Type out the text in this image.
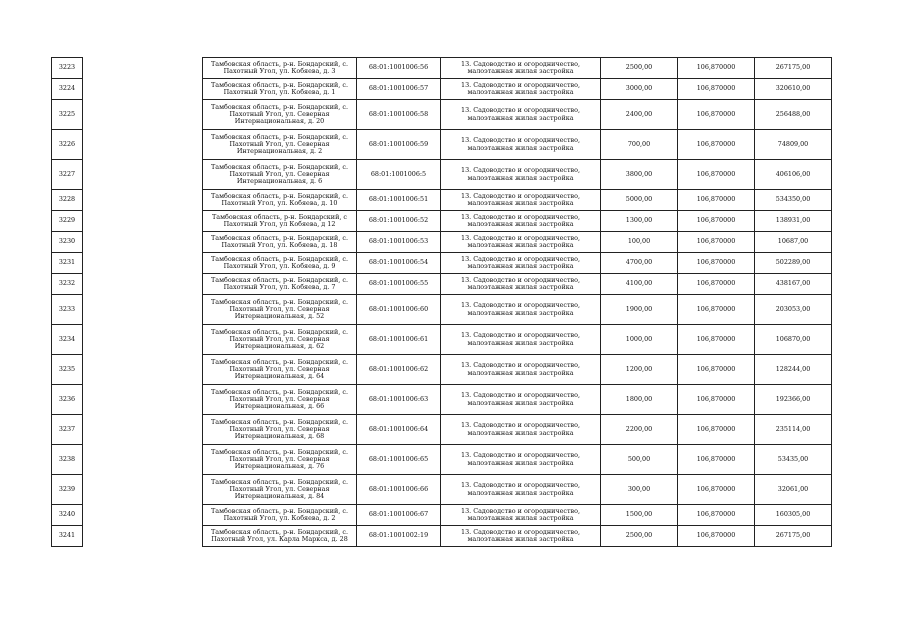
3223		Тамбовская область, р-н. Бондарский, с. Пахотный Угол, ул. Кобяева, д. 3	68:01:1001006:56	13. Садоводство и огородничество, малоэтажная жилая застройка	2500,00	106,870000	267175,00
3224		Тамбовская область, р-н. Бондарский, с. Пахотный Угол, ул. Кобяева, д. 1	68:01:1001006:57	13. Садоводство и огородничество, малоэтажная жилая застройка	3000,00	106,870000	320610,00
3225		Тамбовская область, р-н. Бондарский, с. Пахотный Угол, ул. Северная Интернациональная, д. 20	68:01:1001006:58	13. Садоводство и огородничество, малоэтажная жилая застройка	2400,00	106,870000	256488,00
3226		Тамбовская область, р-н. Бондарский, с. Пахотный Угол, ул. Северная Интернациональная, д. 2	68:01:1001006:59	13. Садоводство и огородничество, малоэтажная жилая застройка	700,00	106,870000	74809,00
3227		Тамбовская область, р-н. Бондарский, с. Пахотный Угол, ул. Северная Интернациональная, д. 6	68:01:1001006:5	13. Садоводство и огородничество, малоэтажная жилая застройка	3800,00	106,870000	406106,00
3228		Тамбовская область, р-н. Бондарский, с. Пахотный Угол, ул. Кобяева, д. 10	68:01:1001006:51	13. Садоводство и огородничество, малоэтажная жилая застройка	5000,00	106,870000	534350,00
3229		Тамбовская область, р-н. Бондарский, с Пахотный Угол, ул Кобяева, д 12	68:01:1001006:52	13. Садоводство и огородничество, малоэтажная жилая застройка	1300,00	106,870000	138931,00
3230		Тамбовская область, р-н. Бондарский, с. Пахотный Угол, ул. Кобяева, д. 18	68:01:1001006:53	13. Садоводство и огородничество, малоэтажная жилая застройка	100,00	106,870000	10687,00
3231		Тамбовская область, р-н. Бондарский, с. Пахотный Угол, ул. Кобяева, д. 9	68:01:1001006:54	13. Садоводство и огородничество, малоэтажная жилая застройка	4700,00	106,870000	502289,00
3232		Тамбовская область, р-н. Бондарский, с. Пахотный Угол, ул. Кобяева, д. 7	68:01:1001006:55	13. Садоводство и огородничество, малоэтажная жилая застройка	4100,00	106,870000	438167,00
3233		Тамбовская область, р-н. Бондарский, с. Пахотный Угол, ул. Северная Интернациональная, д. 52	68:01:1001006:60	13. Садоводство и огородничество, малоэтажная жилая застройка	1900,00	106,870000	203053,00
3234		Тамбовская область, р-н. Бондарский, с. Пахотный Угол, ул. Северная Интернациональная, д. 62	68:01:1001006:61	13. Садоводство и огородничество, малоэтажная жилая застройка	1000,00	106,870000	106870,00
3235		Тамбовская область, р-н. Бондарский, с. Пахотный Угол, ул. Северная Интернациональная, д. 64	68:01:1001006:62	13. Садоводство и огородничество, малоэтажная жилая застройка	1200,00	106,870000	128244,00
3236		Тамбовская область, р-н. Бондарский, с. Пахотный Угол, ул. Северная Интернациональная, д. 66	68:01:1001006:63	13. Садоводство и огородничество, малоэтажная жилая застройка	1800,00	106,870000	192366,00
3237		Тамбовская область, р-н. Бондарский, с. Пахотный Угол, ул. Северная Интернациональная, д. 68	68:01:1001006:64	13. Садоводство и огородничество, малоэтажная жилая застройка	2200,00	106,870000	235114,00
3238		Тамбовская область, р-н. Бондарский, с. Пахотный Угол, ул. Северная Интернациональная, д. 76	68:01:1001006:65	13. Садоводство и огородничество, малоэтажная жилая застройка	500,00	106,870000	53435,00
3239		Тамбовская область, р-н. Бондарский, с. Пахотный Угол, ул. Северная Интернациональная, д. 84	68:01:1001006:66	13. Садоводство и огородничество, малоэтажная жилая застройка	300,00	106,870000	32061,00
3240		Тамбовская область, р-н. Бондарский, с. Пахотный Угол, ул. Кобяева, д. 2	68:01:1001006:67	13. Садоводство и огородничество, малоэтажная жилая застройка	1500,00	106,870000	160305,00
3241		Тамбовская область, р-н. Бондарский, с. Пахотный Угол, ул. Карла Маркса, д. 28	68:01:1001002:19	13. Садоводство и огородничество, малоэтажная жилая застройка	2500,00	106,870000	267175,00
